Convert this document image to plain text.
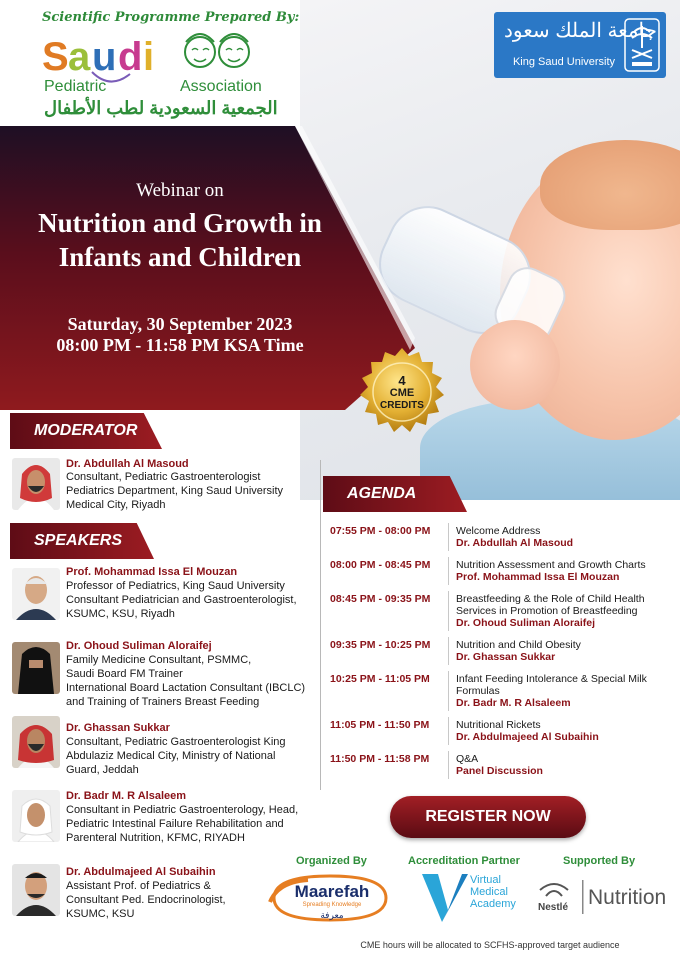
Scientific Programme Prepared By:
S a u d i
Pediatric	Association
الجمعية السعودية لطب الأطفال
جامعة الملك سعود
King Saud University
Webinar on
Nutrition and Growth in
Infants and Children
Saturday, 30 September 2023
08:00 PM - 11:58 PM KSA Time
4
CME
CREDITS
MODERATOR
Dr. Abdullah Al Masoud
Consultant, Pediatric Gastroenterologist
Pediatrics Department, King Saud University
Medical City, Riyadh
SPEAKERS
Prof. Mohammad Issa El Mouzan
Professor of Pediatrics, King Saud University
Consultant Pediatrician and Gastroenterologist,
KSUMC, KSU, Riyadh
Dr. Ohoud Suliman Aloraifej
Family Medicine Consultant, PSMMC,
Saudi Board FM Trainer
International Board Lactation Consultant (IBCLC)
and Training of Trainers Breast Feeding
Dr. Ghassan Sukkar
Consultant, Pediatric Gastroenterologist King
Abdulaziz Medical City, Ministry of National
Guard, Jeddah
Dr. Badr M. R Alsaleem
Consultant in Pediatric Gastroenterology, Head,
Pediatric Intestinal Failure Rehabilitation and
Parenteral Nutrition, KFMC, RIYADH
Dr. Abdulmajeed Al Subaihin
Assistant Prof. of Pediatrics &
Consultant Ped. Endocrinologist,
KSUMC, KSU
AGENDA
07:55 PM - 08:00 PM	Welcome Address
Dr. Abdullah Al Masoud
08:00 PM - 08:45 PM	Nutrition Assessment and Growth Charts
Prof. Mohammad Issa El Mouzan
08:45 PM - 09:35 PM	Breastfeeding & the Role of Child Health
Services in Promotion of Breastfeeding
Dr. Ohoud Suliman Aloraifej
09:35 PM - 10:25 PM	Nutrition and Child Obesity
Dr. Ghassan Sukkar
10:25 PM - 11:05 PM	Infant Feeding Intolerance & Special Milk
Formulas
Dr. Badr M. R Alsaleem
11:05 PM - 11:50 PM	Nutritional Rickets
Dr. Abdulmajeed Al Subaihin
11:50 PM - 11:58 PM	Q&A
Panel Discussion
REGISTER NOW
Organized By	Accreditation Partner	Supported By
Maarefah
Spreading Knowledge
معرفة
Virtual
Medical
Academy Nestlé Nutrition
CME hours will be allocated to SCFHS-approved target audience
